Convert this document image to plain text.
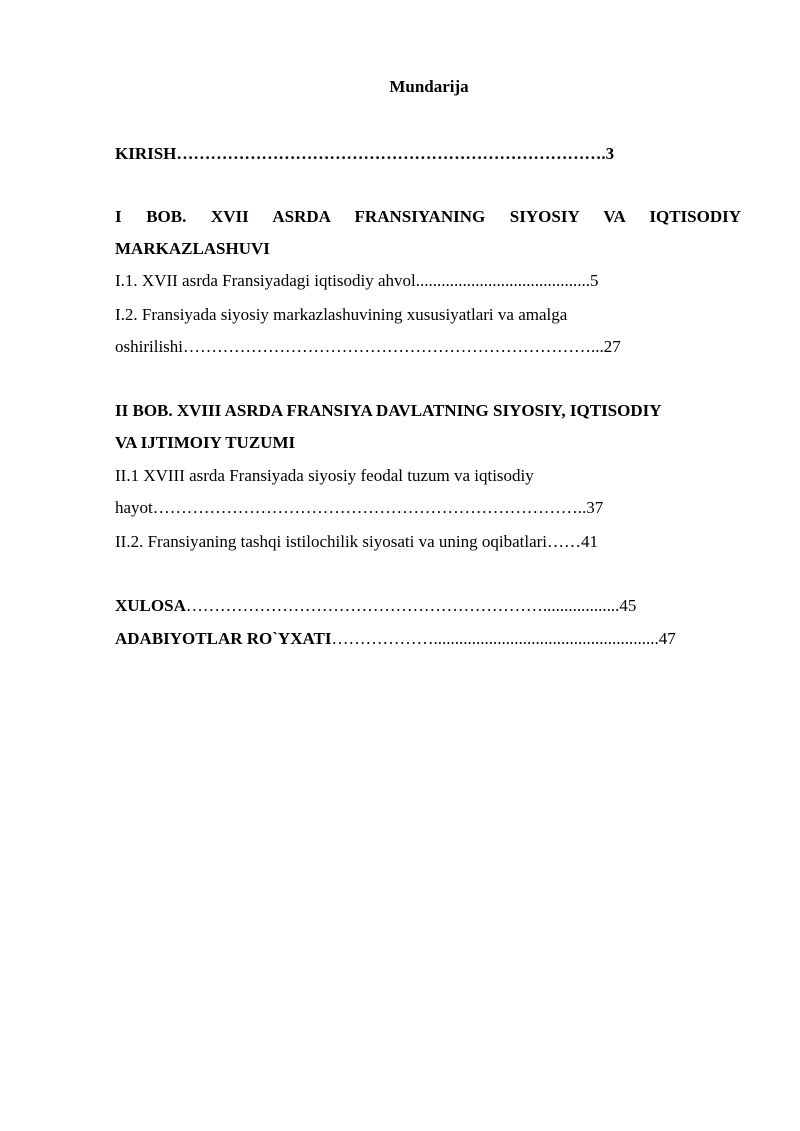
Mundarija
KIRISH………………………………………………………………….3
I BOB. XVII ASRDA FRANSIYANING SIYOSIY VA IQTISODIY
MARKAZLASHUVI
I.1. XVII asrda Fransiyadagi iqtisodiy ahvol.........................................5
I.2. Fransiyada siyosiy markazlashuvining xususiyatlari va amalga
oshirilishi………………………………………………………………...27
II BOB. XVIII ASRDA FRANSIYA DAVLATNING SIYOSIY, IQTISODIY
VA IJTIMOIY TUZUMI
II.1 XVIII asrda Fransiyada siyosiy feodal tuzum va iqtisodiy
hayot…………………………………………………………………..37
II.2. Fransiyaning tashqi istilochilik siyosati va uning oqibatlari……41
XULOSA………………………………………………………..................45
ADABIYOTLAR RO`YXATI……………….....................................................47
